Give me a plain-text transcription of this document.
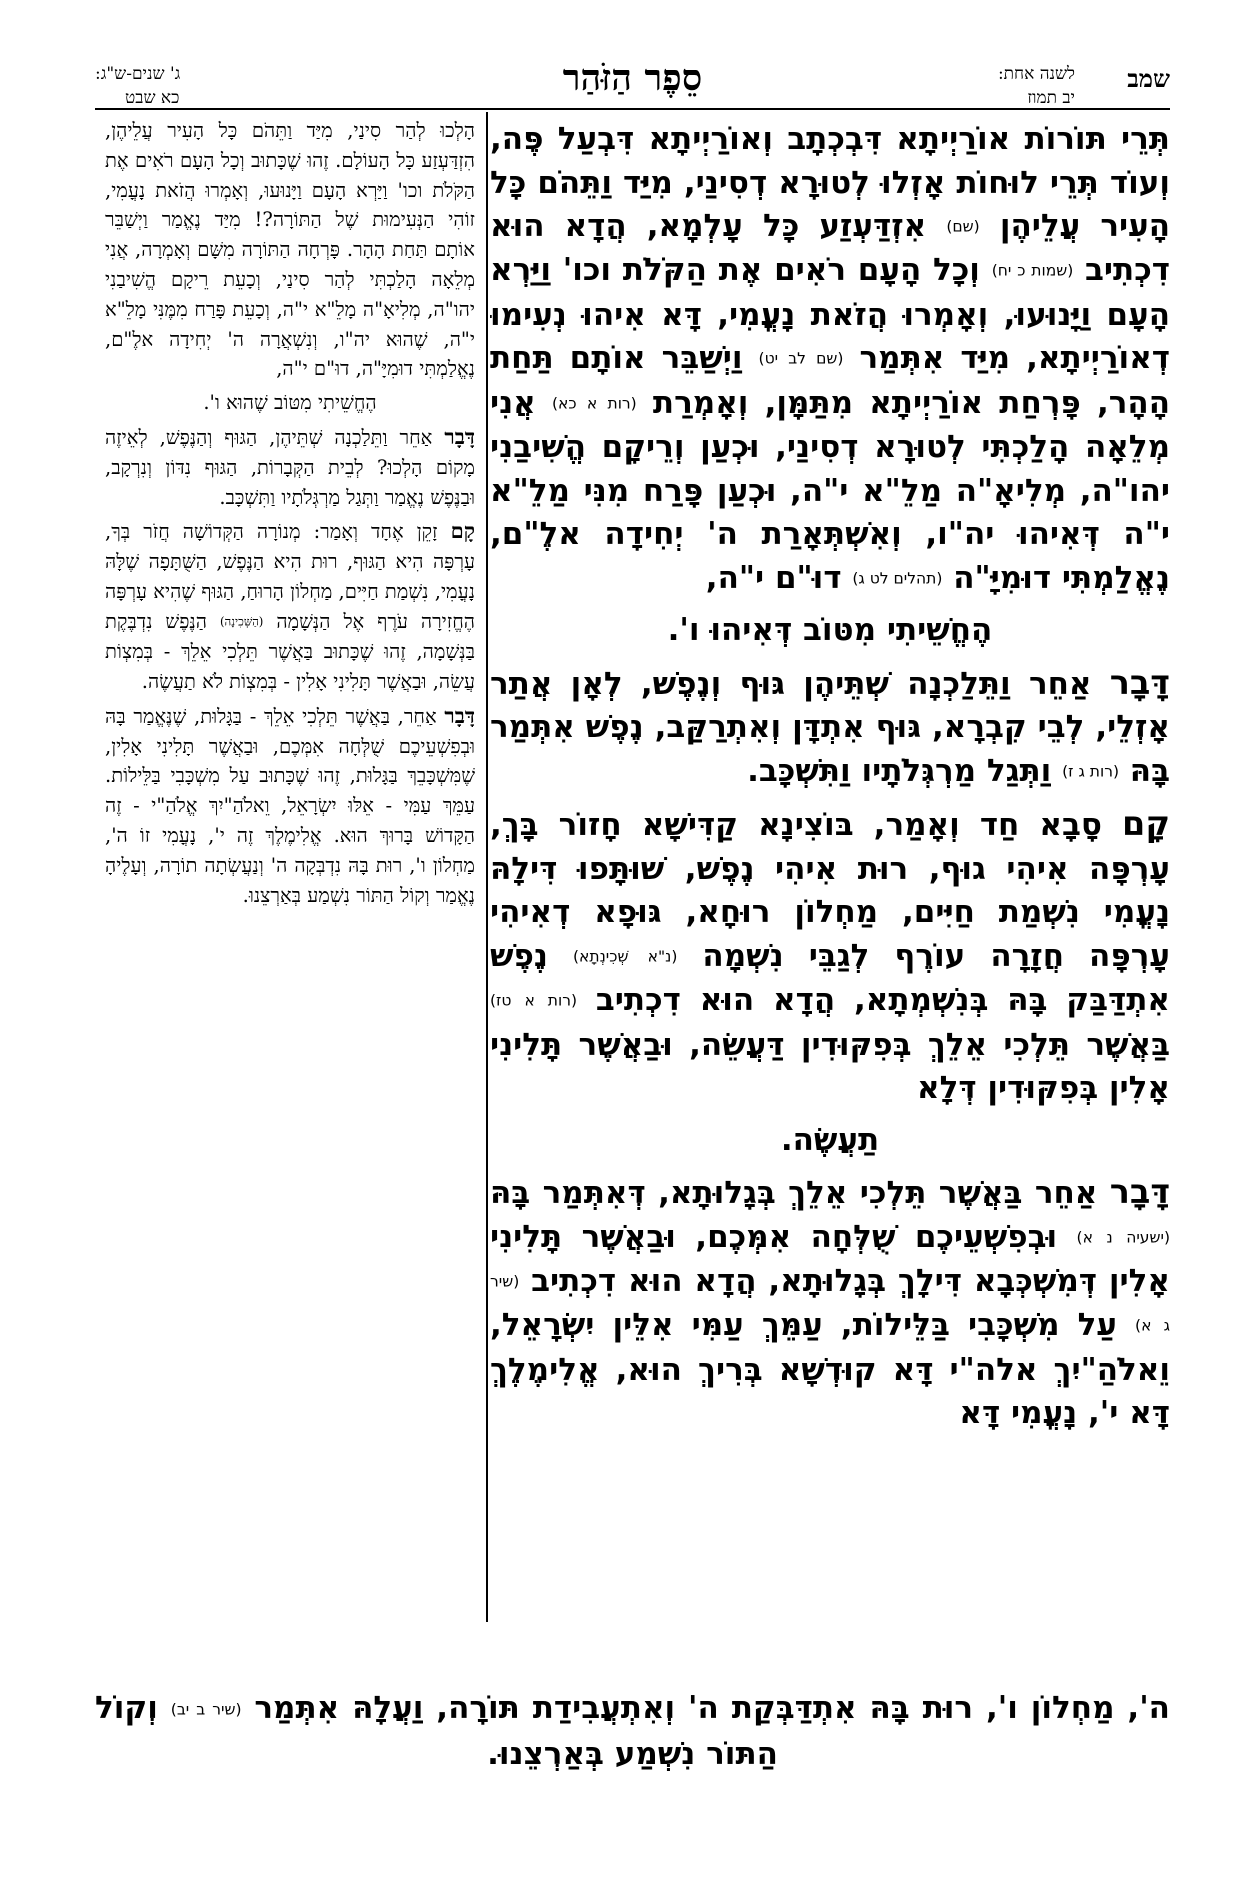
סֵפֶר הַזֹּהַר	שמב
לשנה אחת:
יב תמוז
ג' שנים-ש"ג:
כא שבט

תְּרֵי תּוֹרוֹת אוֹרַיְיתָא דִּבְכְתָב וְאוֹרַיְיתָא דִּבְעַל פֶּה, וְעוֹד תְּרֵי לוּחוֹת אָזְלוּ לְטוּרָא דְסִינַי, מִיַּד וַתֵּהֹם כָּל הָעִיר עֲלֵיהֶן (שם) אִזְדַּעְזַע כָּל עָלְמָא, הֲדָא הוּא דִכְתִיב (שמות כ יח) וְכָל הָעָם רֹאִים אֶת הַקֹּלֹת וכו' וַיַּרְא הָעָם וַיָּנוּעוּ, וְאָמְרוּ הֲזֹאת נָעֳמִי, דָּא אִיהוּ נְעִימוּ דְאוֹרַיְיתָא, מִיַּד אִתְּמַר (שם לב יט) וַיְשַׁבֵּר אוֹתָם תַּחַת הָהָר, פָּרְחַת אוֹרַיְיתָא מִתַּמָּן, וְאָמְרַת (רות א כא) אֲנִי מְלֵאָה הָלַכְתִּי לְטוּרָא דְסִינַי, וּכְעַן וְרֵיקָם הֱשִׁיבַנִי יהו"ה, מְלִיאָ"ה מַלֵ"א י"ה, וּכְעַן פָּרַח מִנִּי מַלֵ"א י"ה דְּאִיהוּ יה"ו, וְאִשְׁתְּאָרַת ה' יְחִידָה אלֶ"ם, נֶאֱלַמְתִּי דוּמִיָּ"ה (תהלים לט ג) דוּ"ם י"ה,

הֶחֱשֵׁיתִי מִטּוֹב דְּאִיהוּ ו'.

דָּבָר אַחֵר וַתֵּלַכְנָה שְׁתֵּיהֶן גּוּף וְנֶפֶשׁ, לְאָן אֲתַר אָזְלֵי, לְבֵי קִבְרָא, גּוּף אִתְדָּן וְאִתְרַקַּב, נֶפֶשׁ אִתְּמַר בָּהּ (רות ג ז) וַתְּגַל מַרְגְּלֹתָיו וַתִּשְׁכָּב.

קָם סָבָא חַד וְאָמַר, בּוֹצִינָא קַדִּישָׁא חָזוֹר בָּךְ, עָרְפָּה אִיהִי גוּף, רוּת אִיהִי נֶפֶשׁ, שׁוּתָּפוּ דִּילָהּ נָעֳמִי נִשְׁמַת חַיִּים, מַחְלוֹן רוּחָא, גּוּפָא דְאִיהִי עָרְפָּה חֲזָרָה עוֹרֶף לְגַבֵּי נִשְׁמָה (נ"א שְׁכִינְתָא) נֶפֶשׁ אִתְדַּבַּק בָּהּ בְּנִשְׁמְתָא, הֲדָא הוּא דִכְתִיב (רות א טז) בַּאֲשֶׁר תֵּלְכִי אֵלֵךְ בְּפִקּוּדִין דַּעֲשֵׂה, וּבַאֲשֶׁר תָּלִינִי אָלִין בְּפִקּוּדִין דְּלָא

תַעֲשֶׂה.

דָּבָר אַחֵר בַּאֲשֶׁר תֵּלְכִי אֵלֵךְ בְּגָלוּתָא, דְּאִתְּמַר בָּהּ (ישעיה נ א) וּבְפִשְׁעֵיכֶם שֻׁלְּחָה אִמְּכֶם, וּבַאֲשֶׁר תָּלִינִי אָלִין דְּמִשְׁכְּבָא דִּילָךְ בְּגָלוּתָא, הֲדָא הוּא דִכְתִיב (שיר ג א) עַל מִשְׁכָּבִי בַּלֵּילוֹת, עַמֵּךְ עַמִּי אִלֵּין יִשְׂרָאֵל, וֵאלֹהַ"יִךְ אלה"י דָּא קוּדְשָׁא בְּרִיךְ הוּא, אֱלִימֶלֶךְ דָּא י', נָעֳמִי דָּא

הָלְכוּ לְהַר סִינַי, מִיַּד וַתֵּהֹם כָּל הָעִיר עֲלֵיהֶן, הִזְדַּעְזַע כָּל הָעוֹלָם. זֶהוּ שֶׁכָּתוּב וְכָל הָעָם רֹאִים אֶת הַקֹּלֹת וכו' וַיַּרְא הָעָם וַיָּנוּעוּ, וְאָמְרוּ הֲזֹאת נָעֳמִי, זוֹהִי הַנְּעִימוּת שֶׁל הַתּוֹרָה?! מִיַּד נֶאֱמַר וַיְשַׁבֵּר אוֹתָם תַּחַת הָהָר. פָּרְחָה הַתּוֹרָה מִשָּׁם וְאָמְרָה, אֲנִי מְלֵאָה הָלַכְתִּי לְהַר סִינַי, וְכָעֵת רֵיקָם הֱשִׁיבַנִי יהו"ה, מְלִיאָ"ה מָלֵ"א י"ה, וְכָעֵת פָּרַח מִמֶּנִּי מָלֵ"א י"ה, שֶׁהוּא יה"ו, וְנִשְׁאֲרָה ה' יְחִידָה אלֶ"ם, נֶאֱלַמְתִּי דוּמִיָּ"ה, דוּ"ם י"ה,

הֶחֱשֵׁיתִי מִטּוֹב שֶׁהוּא ו'.

דָּבָר אַחֵר וַתֵּלַכְנָה שְׁתֵּיהֶן, הַגּוּף וְהַנֶּפֶשׁ, לְאֵיזֶה מָקוֹם הָלְכוּ? לְבֵית הַקְּבָרוֹת, הַגּוּף נִדּוֹן וְנִרְקָב, וּבַנֶּפֶשׁ נֶאֱמַר וַתְּגַל מַרְגְּלֹתָיו וַתִּשְׁכָּב.

קָם זָקֵן אֶחָד וְאָמַר: מְנוֹרָה הַקְּדוֹשָׁה חֲזֹר בְּךָ, עָרְפָּה הִיא הַגּוּף, רוּת הִיא הַנֶּפֶשׁ, הַשֻּׁתָּפָה שֶׁלָּהּ נָעֳמִי, נִשְׁמַת חַיִּים, מַחְלוֹן הָרוּחַ, הַגּוּף שֶׁהִיא עָרְפָּה הֶחֱזִירָה עֹרֶף אֶל הַנְּשָׁמָה (הַשְּׁכִינָה) הַנֶּפֶשׁ נִדְבֶּקֶת בַּנְּשָׁמָה, זֶהוּ שֶׁכָּתוּב בַּאֲשֶׁר תֵּלְכִי אֵלֵךְ - בְּמִצְוֹת עֲשֵׂה, וּבַאֲשֶׁר תָּלִינִי אָלִין - בְּמִצְוֹת לֹא תַעֲשֶׂה.

דָּבָר אַחֵר, בַּאֲשֶׁר תֵּלְכִי אֵלֵךְ - בַּגָּלוּת, שֶׁנֶּאֱמַר בָּהּ וּבְפִשְׁעֵיכֶם שֻׁלְּחָה אִמְּכֶם, וּבַאֲשֶׁר תָּלִינִי אָלִין, שֶׁמִּשְׁכָּבֵךְ בַּגָּלוּת, זֶהוּ שֶׁכָּתוּב עַל מִשְׁכָּבִי בַּלֵּילוֹת. עַמֵּךְ עַמִּי - אֵלּוּ יִשְׂרָאֵל, וֵאלֹהַ"יִךְ אֱלֹהַ"י - זֶה הַקָּדוֹשׁ בָּרוּךְ הוּא. אֱלִימֶלֶךְ זֶה י', נָעֳמִי זוֹ ה', מַחְלוֹן ו', רוּת בָּהּ נִדְבְּקָה ה' וְנַעֲשְׂתָה תוֹרָה, וְעָלֶיהָ נֶאֱמַר וְקוֹל הַתּוֹר נִשְׁמַע בְּאַרְצֵנוּ.

ה', מַחְלוֹן ו', רוּת בָּהּ אִתְדַּבְּקַת ה' וְאִתְעֲבִידַת תּוֹרָה, וַעֲלָהּ אִתְּמַר (שיר ב יב) וְקוֹל הַתּוֹר נִשְׁמַע בְּאַרְצֵנוּ.
